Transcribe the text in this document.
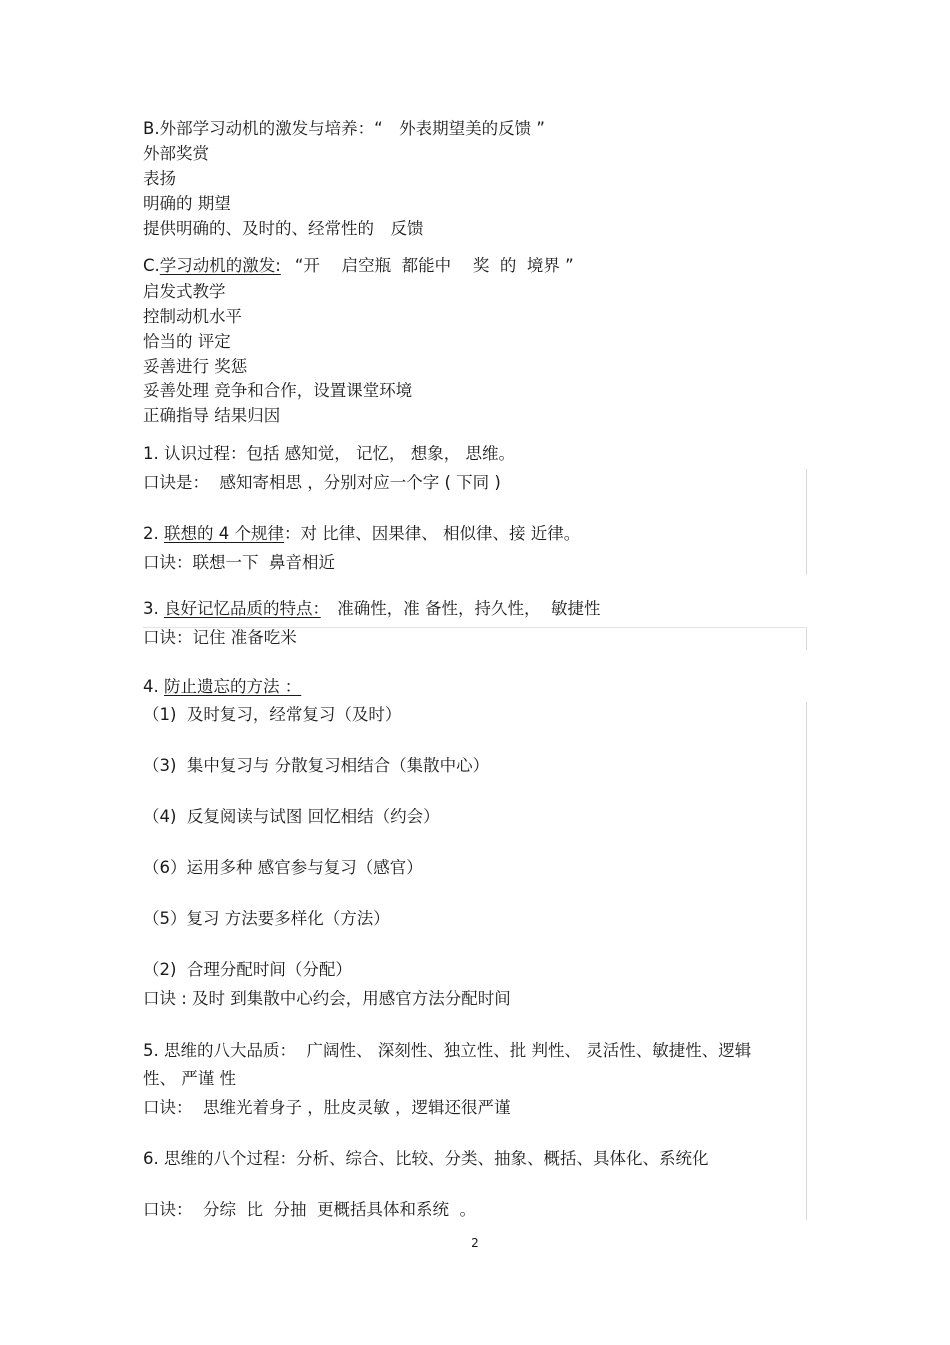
B.外部学习动机的激发与培养：“　外表期望美的反馈 ”
外部奖赏
表扬
明确的 期望
提供明确的、及时的、经常性的　反馈
C.学习动机的激发: “开　 启空瓶  都能中　 奖  的  境界 ”
启发式教学
控制动机水平
恰当的 评定
妥善进行 奖惩
妥善处理 竞争和合作，设置课堂环境
正确指导 结果归因
1. 认识过程：包括 感知觉， 记忆， 想象， 思维。
口诀是：  感知寄相思 ，分别对应一个字 ( 下同 )
2. 联想的 4 个规律：对 比律、因果律、 相似律、接 近律。
口诀：联想一下  鼻音相近
3. 良好记忆品质的特点：　准确性，准 备性，持久性，  敏捷性
口诀：记住 准备吃米
4. 防止遗忘的方法 ：
（1)  及时复习，经常复习（及时）
（3)  集中复习与 分散复习相结合（集散中心）
（4)  反复阅读与试图 回忆相结（约会）
（6）运用多种 感官参与复习（感官）
（5）复习 方法要多样化（方法）
（2)  合理分配时间（分配）
口诀 : 及时 到集散中心约会，用感官方法分配时间
5. 思维的八大品质：  广阔性、 深刻性、独立性、批 判性、 灵活性、敏捷性、逻辑
性、 严谨 性
口诀：  思维光着身子 ，肚皮灵敏 ，逻辑还很严谨
6. 思维的八个过程：分析、综合、比较、分类、抽象、概括、具体化、系统化
口诀：  分综  比  分抽  更概括具体和系统  。
2
